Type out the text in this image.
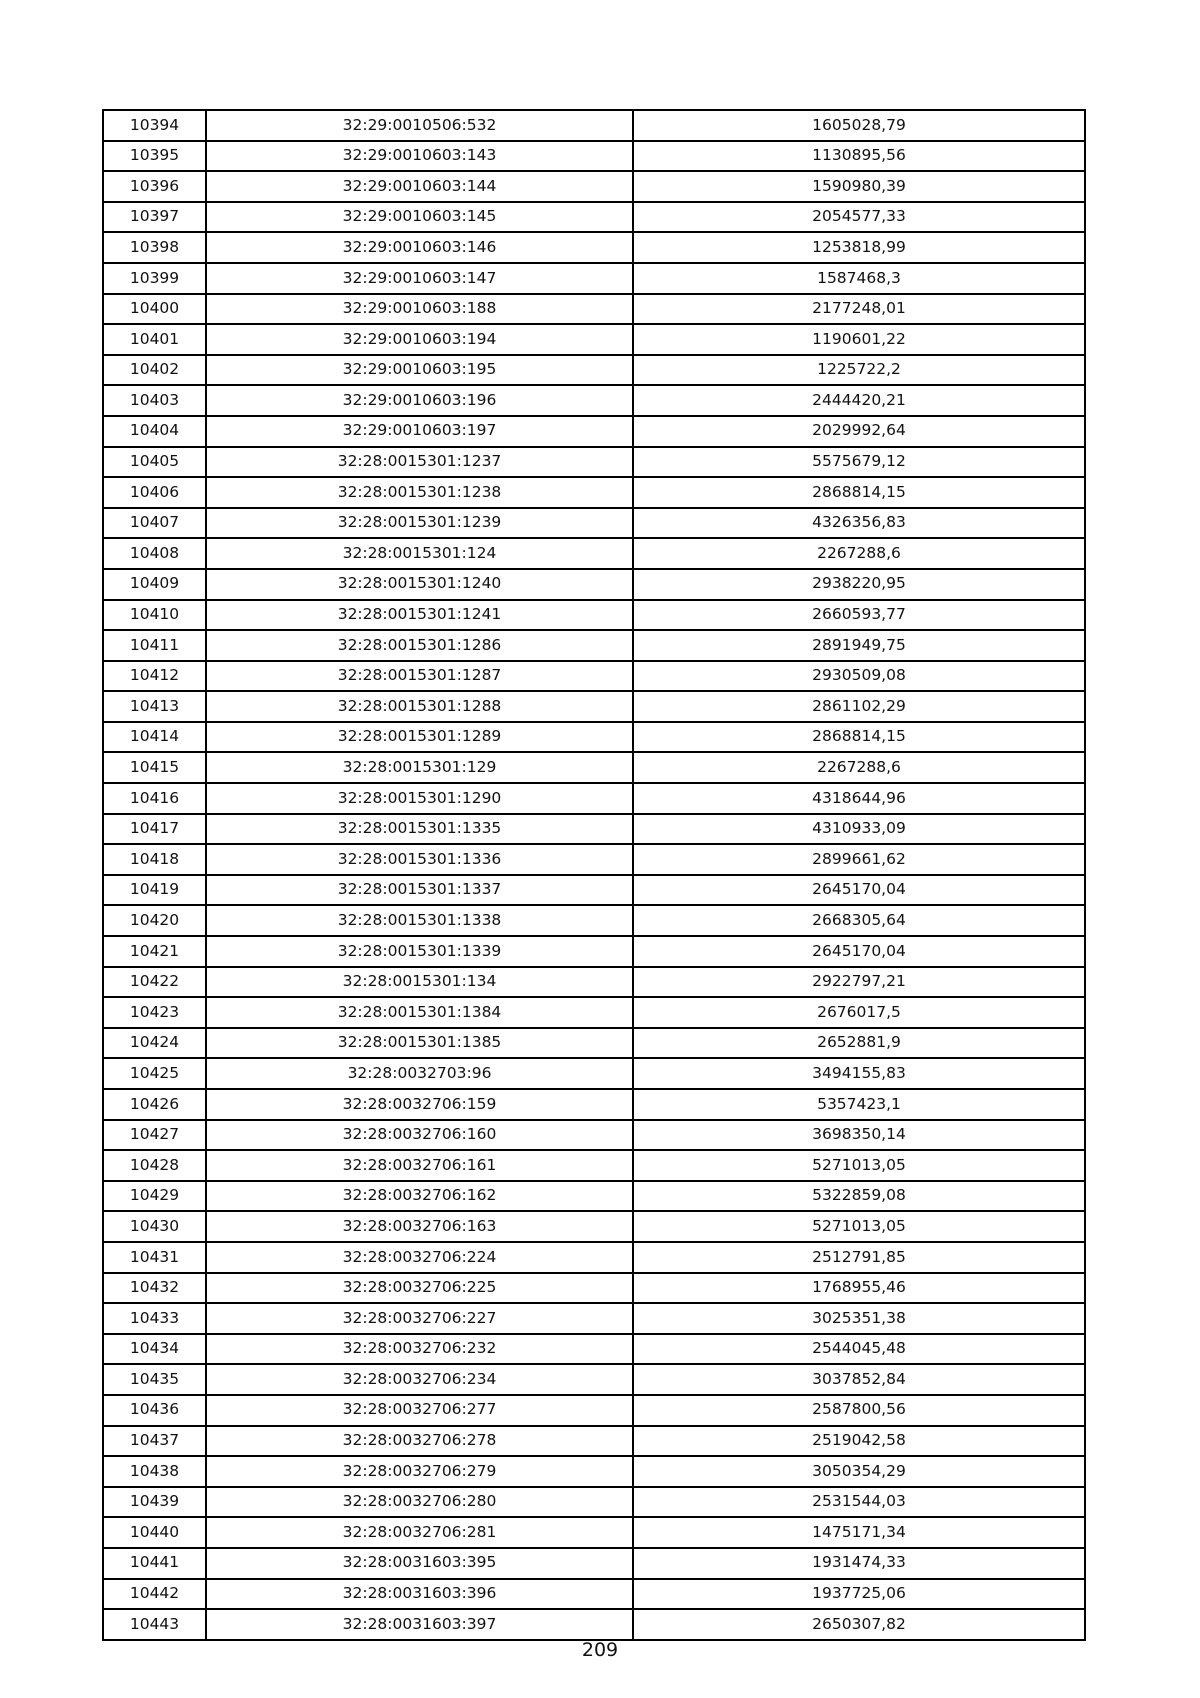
10394	32:29:0010506:532	1605028,79
10395	32:29:0010603:143	1130895,56
10396	32:29:0010603:144	1590980,39
10397	32:29:0010603:145	2054577,33
10398	32:29:0010603:146	1253818,99
10399	32:29:0010603:147	1587468,3
10400	32:29:0010603:188	2177248,01
10401	32:29:0010603:194	1190601,22
10402	32:29:0010603:195	1225722,2
10403	32:29:0010603:196	2444420,21
10404	32:29:0010603:197	2029992,64
10405	32:28:0015301:1237	5575679,12
10406	32:28:0015301:1238	2868814,15
10407	32:28:0015301:1239	4326356,83
10408	32:28:0015301:124	2267288,6
10409	32:28:0015301:1240	2938220,95
10410	32:28:0015301:1241	2660593,77
10411	32:28:0015301:1286	2891949,75
10412	32:28:0015301:1287	2930509,08
10413	32:28:0015301:1288	2861102,29
10414	32:28:0015301:1289	2868814,15
10415	32:28:0015301:129	2267288,6
10416	32:28:0015301:1290	4318644,96
10417	32:28:0015301:1335	4310933,09
10418	32:28:0015301:1336	2899661,62
10419	32:28:0015301:1337	2645170,04
10420	32:28:0015301:1338	2668305,64
10421	32:28:0015301:1339	2645170,04
10422	32:28:0015301:134	2922797,21
10423	32:28:0015301:1384	2676017,5
10424	32:28:0015301:1385	2652881,9
10425	32:28:0032703:96	3494155,83
10426	32:28:0032706:159	5357423,1
10427	32:28:0032706:160	3698350,14
10428	32:28:0032706:161	5271013,05
10429	32:28:0032706:162	5322859,08
10430	32:28:0032706:163	5271013,05
10431	32:28:0032706:224	2512791,85
10432	32:28:0032706:225	1768955,46
10433	32:28:0032706:227	3025351,38
10434	32:28:0032706:232	2544045,48
10435	32:28:0032706:234	3037852,84
10436	32:28:0032706:277	2587800,56
10437	32:28:0032706:278	2519042,58
10438	32:28:0032706:279	3050354,29
10439	32:28:0032706:280	2531544,03
10440	32:28:0032706:281	1475171,34
10441	32:28:0031603:395	1931474,33
10442	32:28:0031603:396	1937725,06
10443	32:28:0031603:397	2650307,82
209
